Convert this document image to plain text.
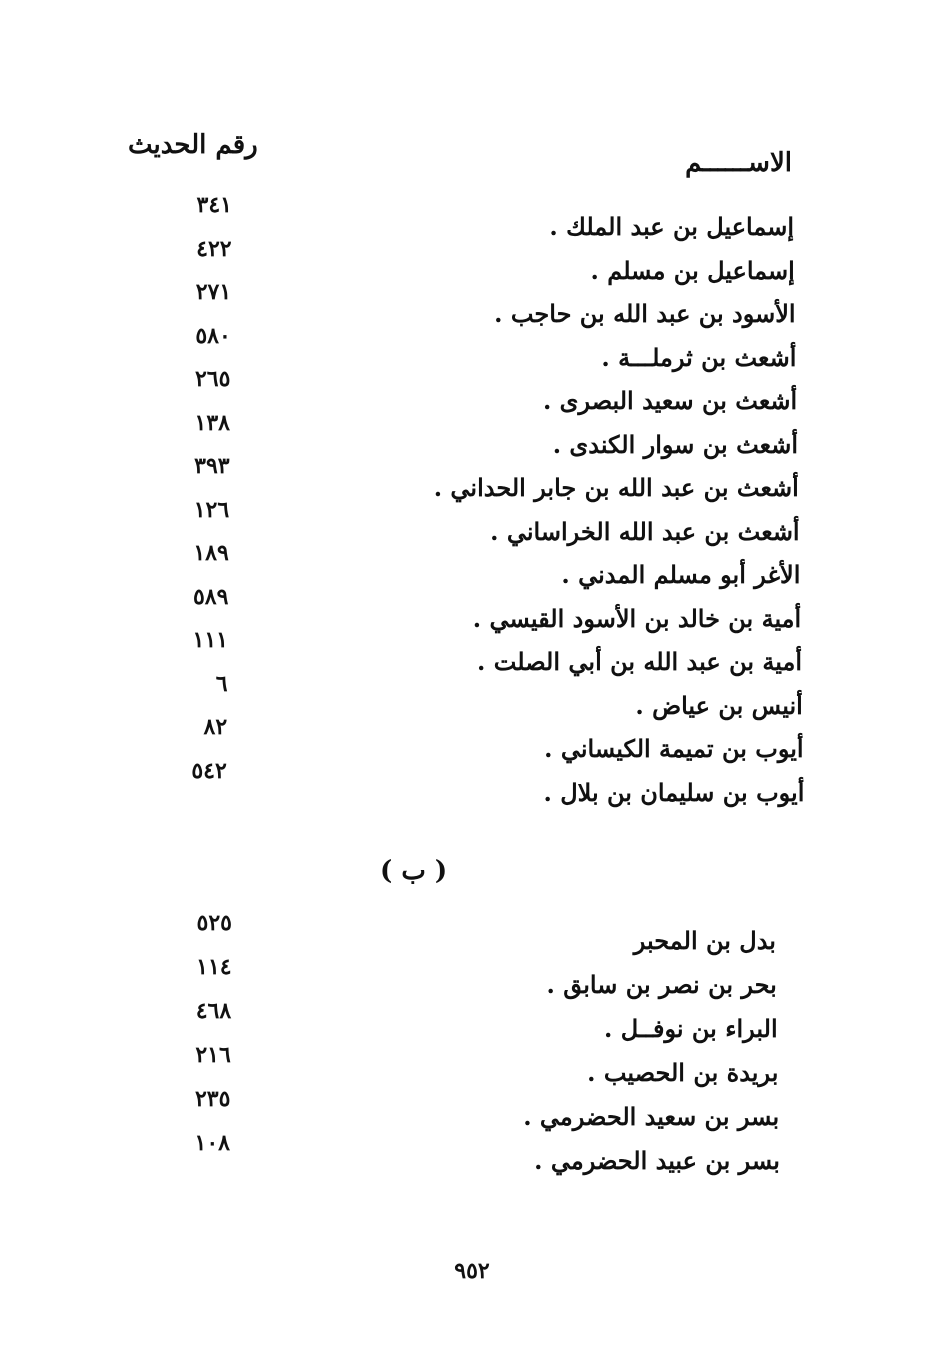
رقم الحديث
الاســــــم
إسماعيل بن عبد الملك .
٣٤١
إسماعيل بن مسلم .
٤٢٢
الأسود بن عبد الله بن حاجب .
٢٧١
أشعث بن ثرملـــة .
٥٨٠
أشعث بن سعيد البصرى .
٢٦٥
أشعث بن سوار الكندى .
١٣٨
أشعث بن عبد الله بن جابر الحداني .
٣٩٣
أشعث بن عبد الله الخراساني .
١٢٦
الأغر أبو مسلم المدني .
١٨٩
أمية بن خالد بن الأسود القيسي .
٥٨٩
أمية بن عبد الله بن أبي الصلت .
١١١
أنيس بن عياض .
٦
أيوب بن تميمة الكيساني .
٨٢
أيوب بن سليمان بن بلال .
٥٤٢
( ب )
بدل بن المحبر
٥٢٥
بحر بن نصر بن سابق .
١١٤
البراء بن نوفــل .
٤٦٨
بريدة بن الحصيب .
٢١٦
بسر بن سعيد الحضرمي .
٢٣٥
بسر بن عبيد الحضرمي .
١٠٨
٩٥٢
